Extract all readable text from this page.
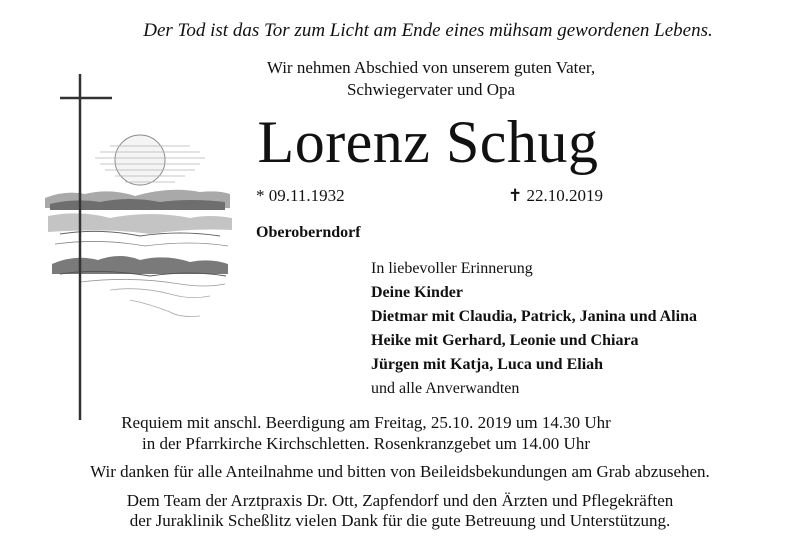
Der Tod ist das Tor zum Licht am Ende eines mühsam gewordenen Lebens.
Wir nehmen Abschied von unserem guten Vater,
Schwiegervater und Opa
Lorenz Schug
* 09.11.1932	✝ 22.10.2019
Oberoberndorf
In liebevoller Erinnerung
Deine Kinder
Dietmar mit Claudia, Patrick, Janina und Alina
Heike mit Gerhard, Leonie und Chiara
Jürgen mit Katja, Luca und Eliah
und alle Anverwandten
Requiem mit anschl. Beerdigung am Freitag, 25.10. 2019 um 14.30 Uhr
in der Pfarrkirche Kirchschletten. Rosenkranzgebet um 14.00 Uhr
Wir danken für alle Anteilnahme und bitten von Beileidsbekundungen am Grab abzusehen.
Dem Team der Arztpraxis Dr. Ott, Zapfendorf und den Ärzten und Pflegekräften
der Juraklinik Scheßlitz vielen Dank für die gute Betreuung und Unterstützung.
